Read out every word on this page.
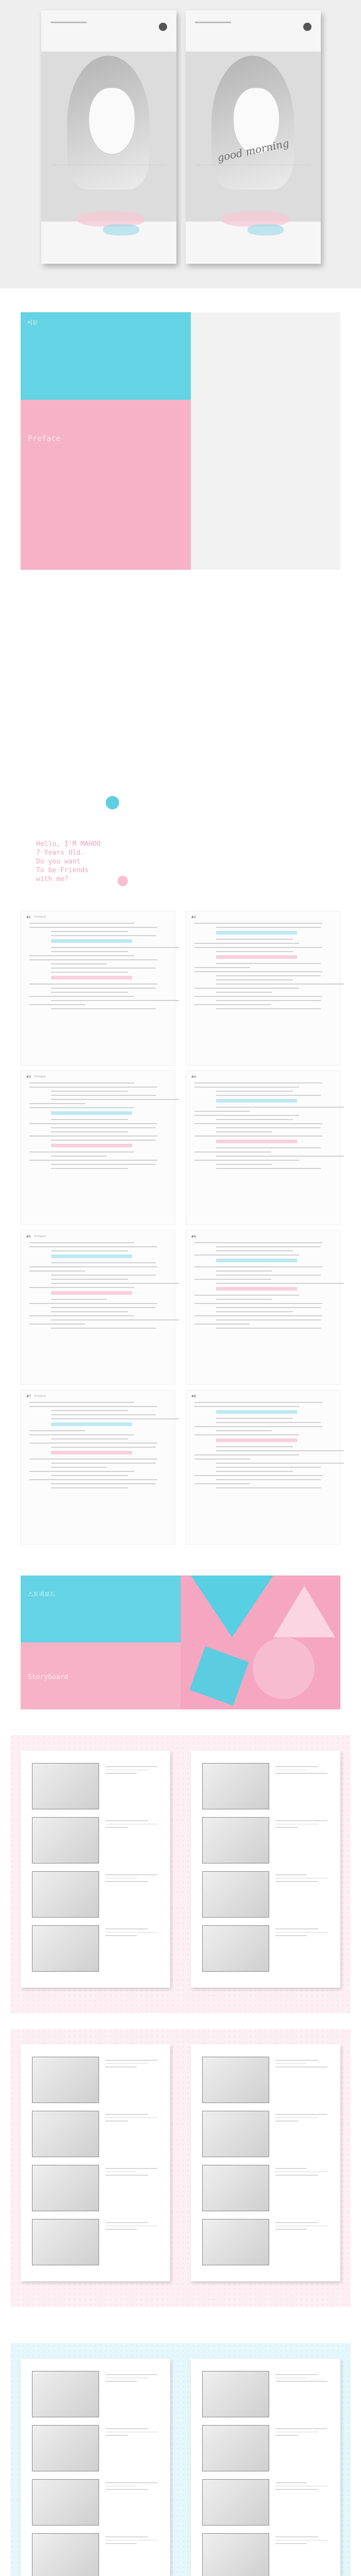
good morning
서문
Preface

Hello, I'M MAHOO
7 Years Old.
Do you want
To be Friends
with me?
#1 Prologue	#2
#3 Prologue	#4
#5 Prologue	#6
#7 Prologue	#8
스토리보드
Storyboard
